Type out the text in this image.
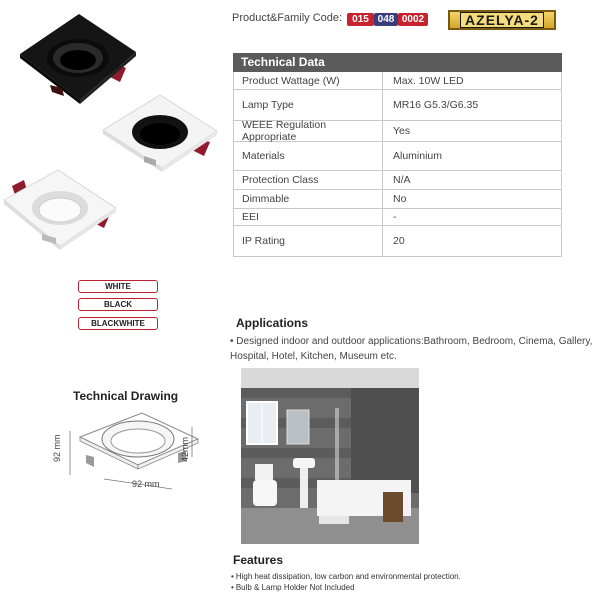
Product&Family Code:	015 048 0002	AZELYA-2
Technical Data
Product Wattage (W)	Max. 10W LED
Lamp Type	MR16 G5.3/G6.35
WEEE Regulation Appropriate	Yes
Materials	Aluminium
Protection Class	N/A
Dimmable	No
EEI	-
IP Rating	20
WHITE
BLACK
BLACKWHITE
Technical Drawing
92 mm	42mm
92 mm
Applications
• Designed indoor and outdoor applications:Bathroom, Bedroom, Cinema, Gallery, Hospital, Hotel, Kitchen, Museum etc.
Features
• High heat dissipation, low carbon and environmental protection.
• Bulb & Lamp Holder Not Included
